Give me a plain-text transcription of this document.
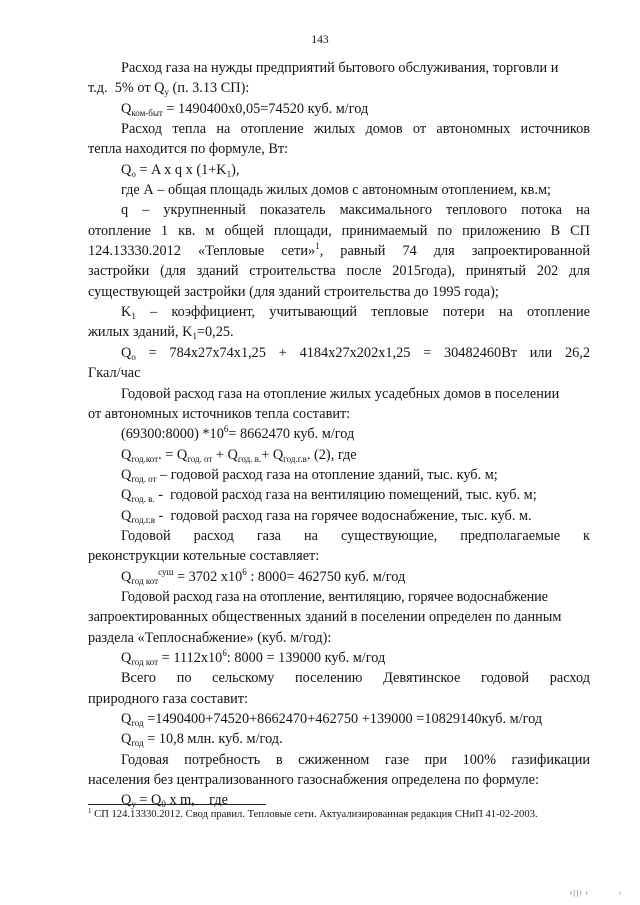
143
Расход газа на нужды предприятий бытового обслуживания, торговли и
т.д.  5% от $Q_у$ (п. 3.13 СП):
$Q_{ком-быт} = 1490400х0,05=74520$ куб. м/год
Расход тепла на отопление жилых домов от автономных источников
тепла находится по формуле, Вт:
$Q_о = A$ x q x $(1+K_1)$,
где А – общая площадь жилых домов с автономным отоплением, кв.м;
q – укрупненный показатель максимального теплового потока на
отопление 1 кв. м общей площади, принимаемый по приложению В СП
124.13330.2012 «Тепловые сети»$^1$, равный 74 для запроектированной
застройки (для зданий строительства после 2015года), принятый 202 для
существующей застройки (для зданий строительства до 1995 года);
$K_1$ – коэффициент, учитывающий тепловые потери на отопление
жилых зданий, $K_1=0,25$.
$Q_о = 784x27x74x1,25 + 4184x27x202x1,25 = 30482460Вт$ или 26,2
Гкал/час
Годовой расход газа на отопление жилых усадебных домов в поселении
от автономных источников тепла составит:
(69300:8000) $*10^6= 8662470$ куб. м/год
$Q_{год.кот}$. = $Q_{год. от} + Q_{год. в.}+ Q_{год.г.в}$. (2), где
$Q_{год. от}$ – годовой расход газа на отопление зданий, тыс. куб. м;
$Q_{год. в.}$ -  годовой расход газа на вентиляцию помещений, тыс. куб. м;
$Q_{год.г.в}$ -  годовой расход газа на горячее водоснабжение, тыс. куб. м.
Годовой расход газа на существующие, предполагаемые к
реконструкции котельные составляет:
$Q_{год кот}^{суш} = 3702$ $x10^6$ : 8000= 462750 куб. м/год
Годовой расход газа на отопление, вентиляцию, горячее водоснабжение
запроектированных общественных зданий в поселении определен по данным
раздела «Теплоснабжение» (куб. м/год):
$Q_{год кот} = 1112x10^6$: 8000 = 139000 куб. м/год
Всего по сельскому поселению Девятинское годовой расход
природного газа составит:
$Q_{год} =1490400+74520+8662470+462750 +139000 =10829140куб$. м/год
$Q_{год} = 10,8$ млн. куб. м/год.
Годовая потребность в сжиженном газе при 100% газификации
населения без централизованного газоснабжения определена по формуле:
$Q_у = Q_0$ x m,    где
$^1$ СП 124.13330.2012. Свод правил. Тепловые сети. Актуализированная редакция СНиП 41-02-2003.
ı||ı ı	ı
